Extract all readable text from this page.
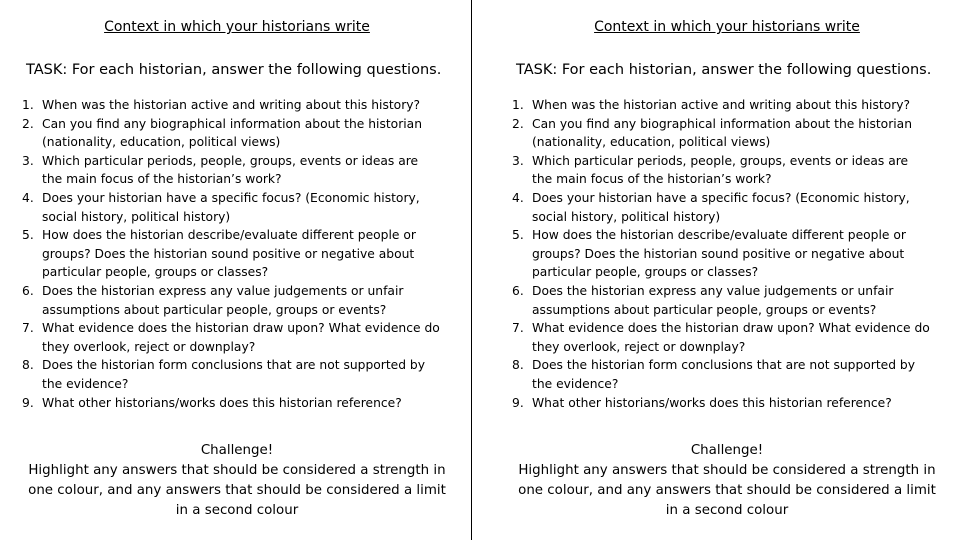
Context in which your historians write
TASK: For each historian, answer the following questions.
1. When was the historian active and writing about this history?
2. Can you find any biographical information about the historian (nationality, education, political views)
3. Which particular periods, people, groups, events or ideas are the main focus of the historian’s work?
4. Does your historian have a specific focus? (Economic history, social history, political history)
5. How does the historian describe/evaluate different people or groups? Does the historian sound positive or negative about particular people, groups or classes?
6. Does the historian express any value judgements or unfair assumptions about particular people, groups or events?
7. What evidence does the historian draw upon? What evidence do they overlook, reject or downplay?
8. Does the historian form conclusions that are not supported by the evidence?
9. What other historians/works does this historian reference?
Challenge!
Highlight any answers that should be considered a strength in one colour, and any answers that should be considered a limit in a second colour
Context in which your historians write
TASK: For each historian, answer the following questions.
1. When was the historian active and writing about this history?
2. Can you find any biographical information about the historian (nationality, education, political views)
3. Which particular periods, people, groups, events or ideas are the main focus of the historian’s work?
4. Does your historian have a specific focus? (Economic history, social history, political history)
5. How does the historian describe/evaluate different people or groups? Does the historian sound positive or negative about particular people, groups or classes?
6. Does the historian express any value judgements or unfair assumptions about particular people, groups or events?
7. What evidence does the historian draw upon? What evidence do they overlook, reject or downplay?
8. Does the historian form conclusions that are not supported by the evidence?
9. What other historians/works does this historian reference?
Challenge!
Highlight any answers that should be considered a strength in one colour, and any answers that should be considered a limit in a second colour
